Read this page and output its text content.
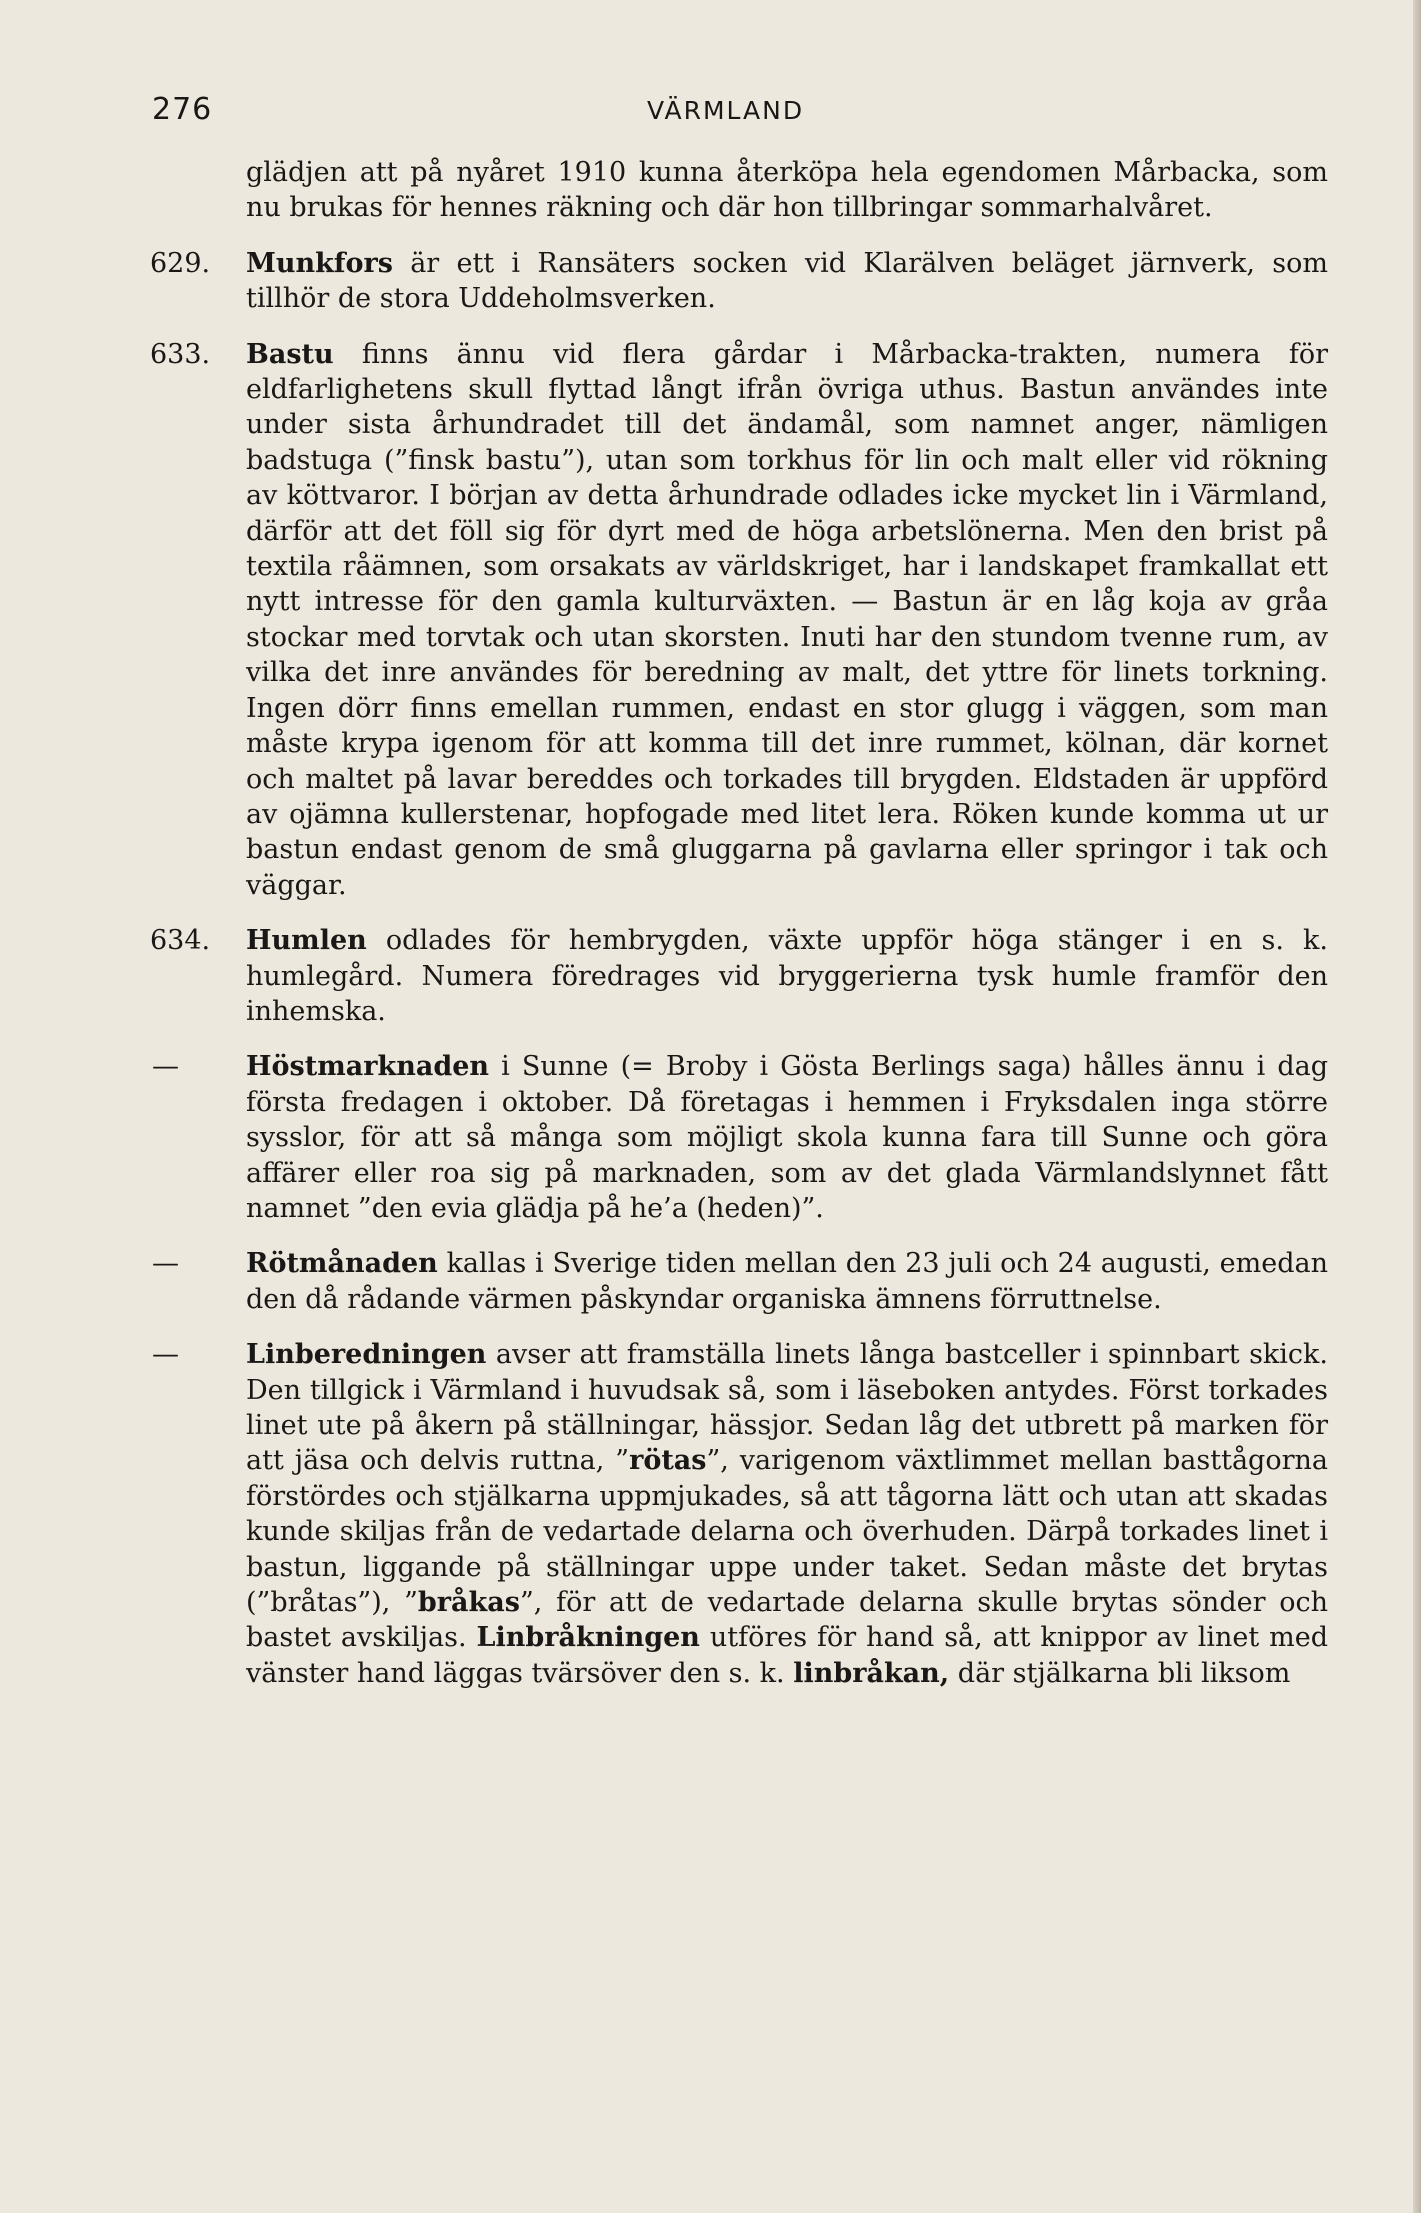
276	VÄRMLAND
glädjen att på nyåret 1910 kunna återköpa hela egendomen Mårbacka, som nu brukas för hennes räkning och där hon tillbringar sommarhalvåret.
629.	Munkfors är ett i Ransäters socken vid Klarälven beläget järnverk, som tillhör de stora Uddeholmsverken.
633.	Bastu finns ännu vid flera gårdar i Mårbacka-trakten, numera för eldfarlighetens skull flyttad långt ifrån övriga uthus. Bastun användes inte under sista århundradet till det ändamål, som namnet anger, nämligen badstuga (”finsk bastu”), utan som torkhus för lin och malt eller vid rökning av köttvaror. I början av detta århundrade odlades icke mycket lin i Värmland, därför att det föll sig för dyrt med de höga arbetslönerna. Men den brist på textila råämnen, som orsakats av världskriget, har i landskapet framkallat ett nytt intresse för den gamla kulturväxten. — Bastun är en låg koja av gråa stockar med torvtak och utan skorsten. Inuti har den stundom tvenne rum, av vilka det inre användes för beredning av malt, det yttre för linets torkning. Ingen dörr finns emellan rummen, endast en stor glugg i väggen, som man måste krypa igenom för att komma till det inre rummet, kölnan, där kornet och maltet på lavar bereddes och torkades till brygden. Eldstaden är uppförd av ojämna kullerstenar, hopfogade med litet lera. Röken kunde komma ut ur bastun endast genom de små gluggarna på gavlarna eller springor i tak och väggar.
634.	Humlen odlades för hembrygden, växte uppför höga stänger i en s. k. humlegård. Numera föredrages vid bryggerierna tysk humle framför den inhemska.
—	Höstmarknaden i Sunne (= Broby i Gösta Berlings saga) hålles ännu i dag första fredagen i oktober. Då företagas i hemmen i Fryksdalen inga större sysslor, för att så många som möjligt skola kunna fara till Sunne och göra affärer eller roa sig på marknaden, som av det glada Värmlandslynnet fått namnet ”den evia glädja på he’a (heden)”.
—	Rötmånaden kallas i Sverige tiden mellan den 23 juli och 24 augusti, emedan den då rådande värmen påskyndar organiska ämnens förruttnelse.
—	Linberedningen avser att framställa linets långa bastceller i spinnbart skick. Den tillgick i Värmland i huvudsak så, som i läseboken antydes. Först torkades linet ute på åkern på ställningar, hässjor. Sedan låg det utbrett på marken för att jäsa och delvis ruttna, ”rötas”, varigenom växtlimmet mellan basttågorna förstördes och stjälkarna uppmjukades, så att tågorna lätt och utan att skadas kunde skiljas från de vedartade delarna och överhuden. Därpå torkades linet i bastun, liggande på ställningar uppe under taket. Sedan måste det brytas (”bråtas”), ”bråkas”, för att de vedartade delarna skulle brytas sönder och bastet avskiljas. Linbråkningen utföres för hand så, att knippor av linet med vänster hand läggas tvärsöver den s. k. linbråkan, där stjälkarna bli liksom
